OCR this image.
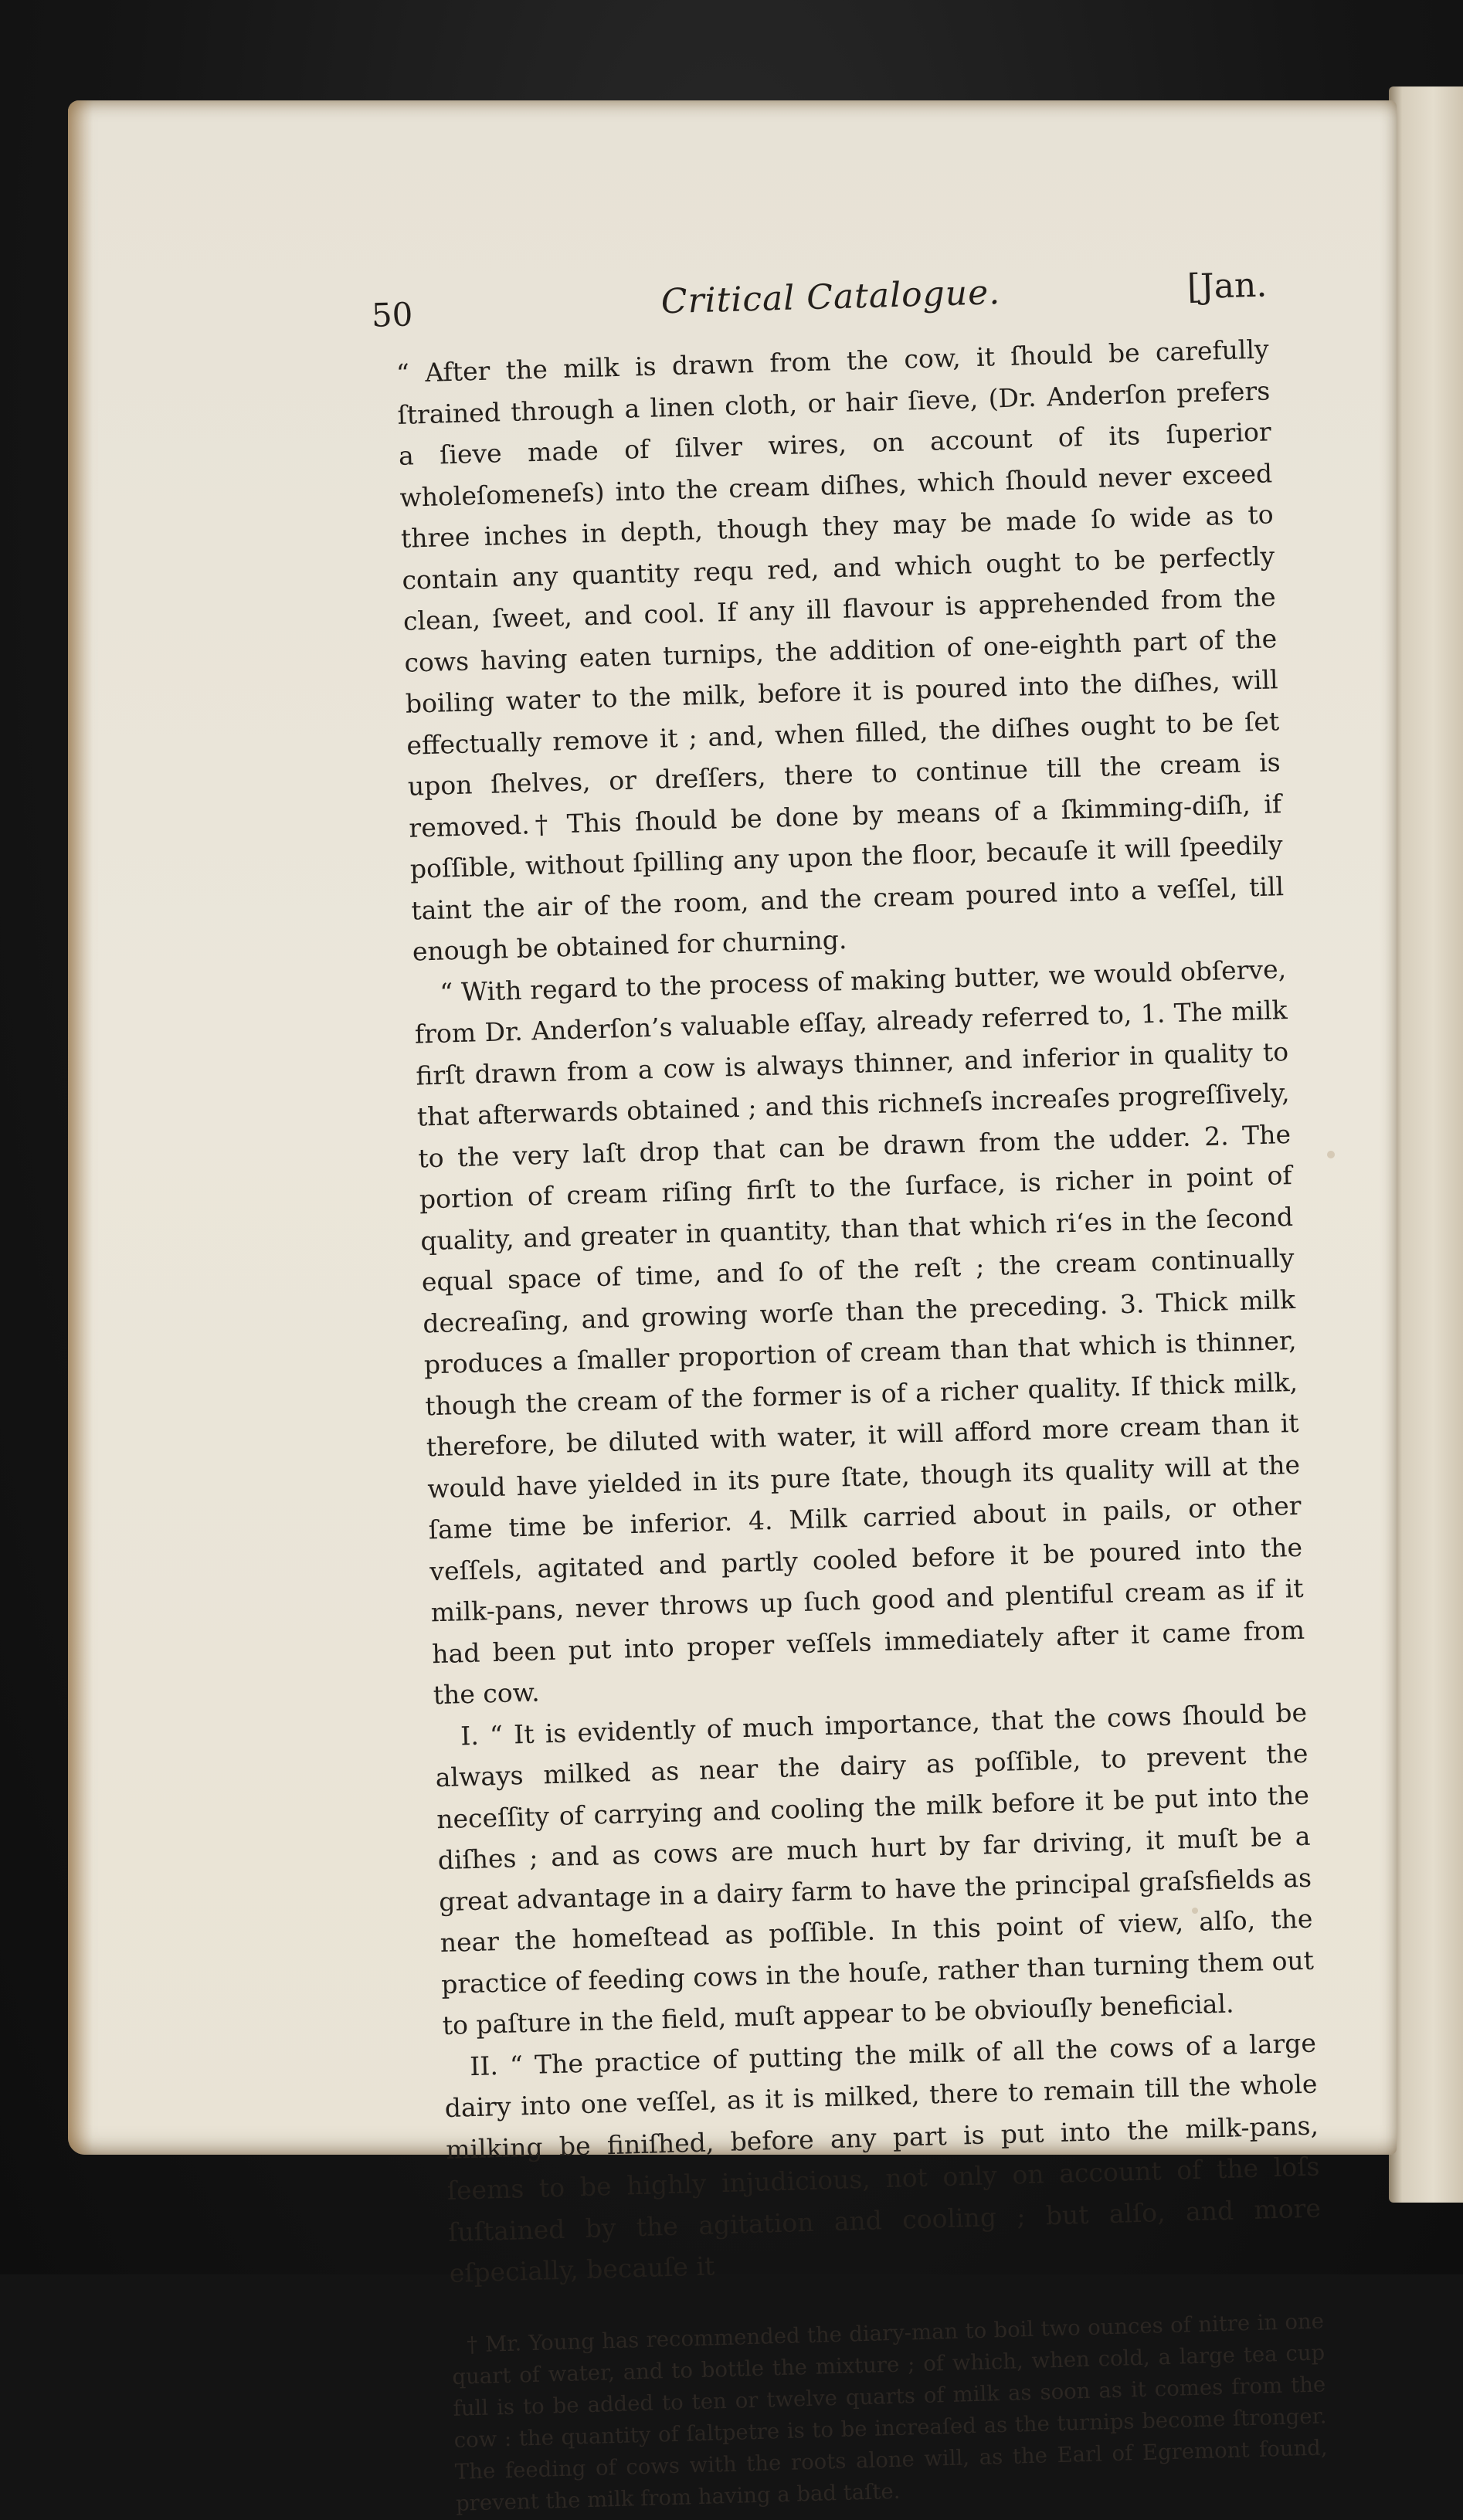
50	Critical Catalogue.	[Jan.

“ After the milk is drawn from the cow, it ſhould be carefully ſtrained through a linen cloth, or hair ſieve, (Dr. Anderſon prefers a ſieve made of ſilver wires, on account of its ſuperior wholeſomeneſs) into the cream diſhes, which ſhould never exceed three inches in depth, though they may be made ſo wide as to contain any quantity requ red, and which ought to be perfectly clean, ſweet, and cool. If any ill flavour is apprehended from the cows having eaten turnips, the addition of one-eighth part of the boiling water to the milk, before it is poured into the diſhes, will effectually remove it ; and, when filled, the diſhes ought to be ſet upon ſhelves, or dreſſers, there to continue till the cream is removed.† This ſhould be done by means of a ſkimming-diſh, if poſſible, without ſpilling any upon the floor, becauſe it will ſpeedily taint the air of the room, and the cream poured into a veſſel, till enough be obtained for churning.

“ With regard to the process of making butter, we would obſerve, from Dr. Anderſon’s valuable eſſay, already referred to, 1. The milk firſt drawn from a cow is always thinner, and inferior in quality to that afterwards obtained ; and this richneſs increaſes progreſſively, to the very laſt drop that can be drawn from the udder. 2. The portion of cream riſing firſt to the ſurface, is richer in point of quality, and greater in quantity, than that which ri‘es in the ſecond equal space of time, and ſo of the reſt ; the cream continually decreaſing, and growing worſe than the preceding. 3. Thick milk produces a ſmaller proportion of cream than that which is thinner, though the cream of the former is of a richer quality. If thick milk, therefore, be diluted with water, it will afford more cream than it would have yielded in its pure ſtate, though its quality will at the ſame time be inferior. 4. Milk carried about in pails, or other veſſels, agitated and partly cooled before it be poured into the milk-pans, never throws up ſuch good and plentiful cream as if it had been put into proper veſſels immediately after it came from the cow.

I. “ It is evidently of much importance, that the cows ſhould be always milked as near the dairy as poſſible, to prevent the neceſſity of carrying and cooling the milk before it be put into the diſhes ; and as cows are much hurt by far driving, it muſt be a great advantage in a dairy farm to have the principal graſsfields as near the homeſtead as poſſible. In this point of view, alſo, the practice of feeding cows in the houſe, rather than turning them out to paſture in the field, muſt appear to be obviouſly beneficial.

II. “ The practice of putting the milk of all the cows of a large dairy into one veſſel, as it is milked, there to remain till the whole milking be finiſhed, before any part is put into the milk-pans, ſeems to be highly injudicious, not only on account of the loſs ſuſtained by the agitation and cooling ; but alſo, and more eſpecially, becauſe it

† Mr. Young has recommended the diary-man to boil two ounces of nitre in one quart of water, and to bottle the mixture ; of which, when cold, a large tea cup full is to be added to ten or twelve quarts of milk as soon as it comes from the cow : the quantity of ſaltpetre is to be increaſed as the turnips become ſtronger. The feeding of cows with the roots alone will, as the Earl of Egremont found, prevent the milk from having a bad taſte.
